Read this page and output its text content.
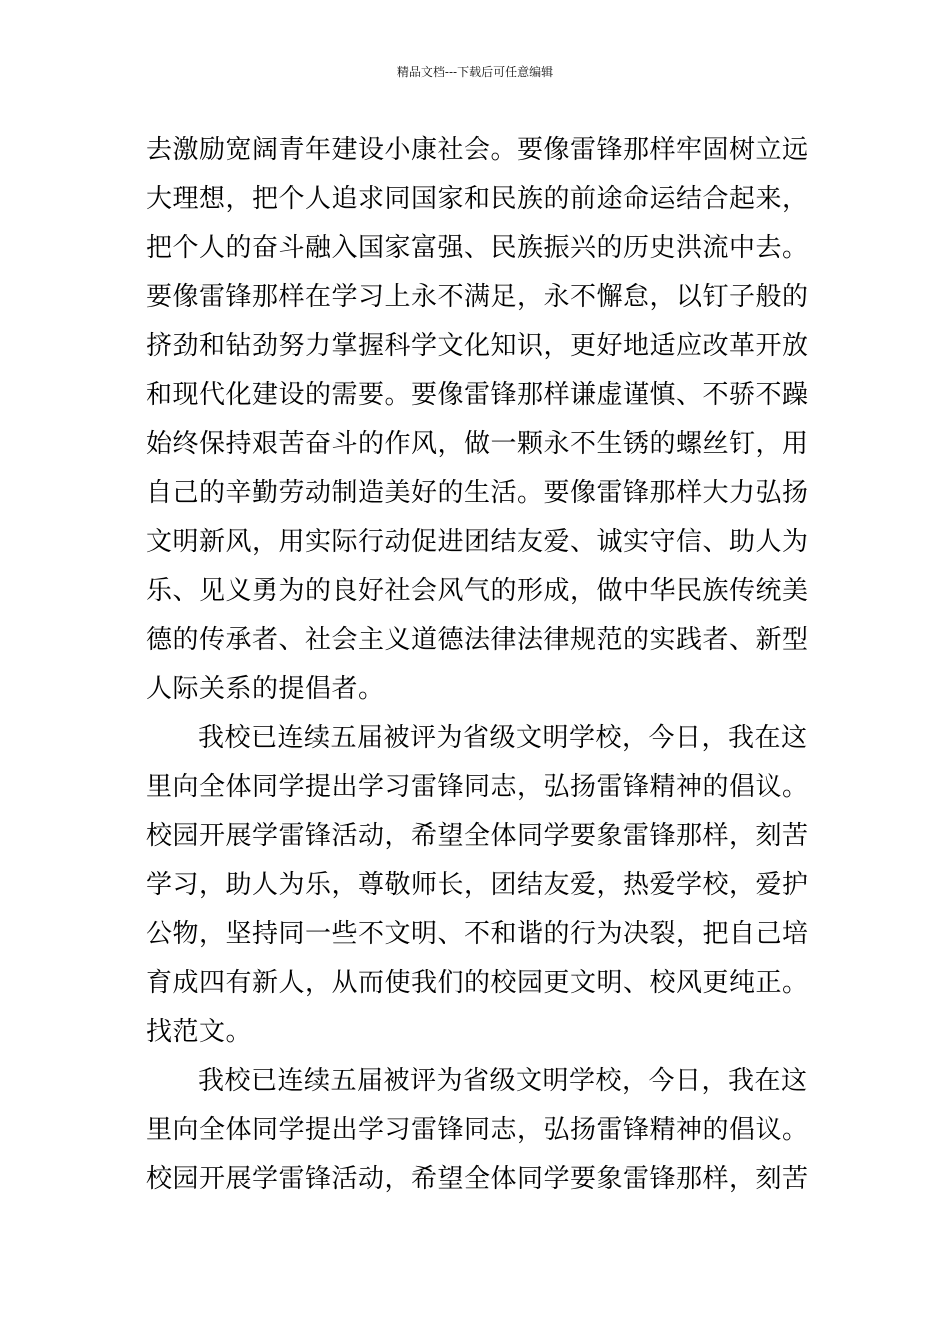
精品文档---下载后可任意编辑
去激励宽阔青年建设小康社会。要像雷锋那样牢固树立远
大理想，把个人追求同国家和民族的前途命运结合起来，
把个人的奋斗融入国家富强、民族振兴的历史洪流中去。
要像雷锋那样在学习上永不满足，永不懈怠，以钉子般的
挤劲和钻劲努力掌握科学文化知识，更好地适应改革开放
和现代化建设的需要。要像雷锋那样谦虚谨慎、不骄不躁
始终保持艰苦奋斗的作风，做一颗永不生锈的螺丝钉，用
自己的辛勤劳动制造美好的生活。要像雷锋那样大力弘扬
文明新风，用实际行动促进团结友爱、诚实守信、助人为
乐、见义勇为的良好社会风气的形成，做中华民族传统美
德的传承者、社会主义道德法律法律规范的实践者、新型
人际关系的提倡者。
我校已连续五届被评为省级文明学校，今日，我在这
里向全体同学提出学习雷锋同志，弘扬雷锋精神的倡议。
校园开展学雷锋活动，希望全体同学要象雷锋那样，刻苦
学习，助人为乐，尊敬师长，团结友爱，热爱学校，爱护
公物，坚持同一些不文明、不和谐的行为决裂，把自己培
育成四有新人，从而使我们的校园更文明、校风更纯正。
找范文。
我校已连续五届被评为省级文明学校，今日，我在这
里向全体同学提出学习雷锋同志，弘扬雷锋精神的倡议。
校园开展学雷锋活动，希望全体同学要象雷锋那样，刻苦
